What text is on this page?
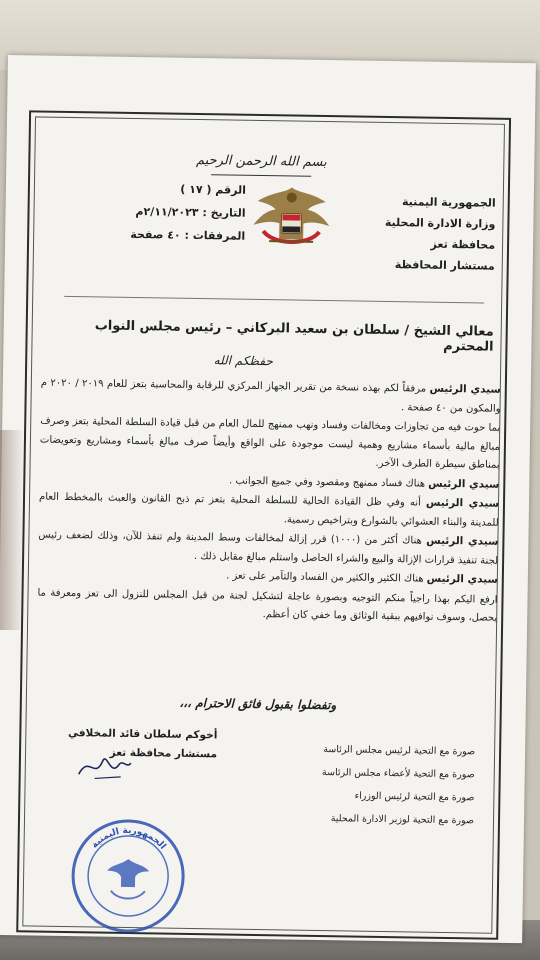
بسم الله الرحمن الرحيم
الجمهورية اليمنية
وزارة الادارة المحلية
محافظة تعز
مستشار المحافظة
الرقم ( ١٧ )
التاريخ : ٢/١١/٢٠٢٣م
المرفقات : ٤٠ صفحة
معالي الشيخ / سلطان بن سعيد البركاني – رئيس مجلس النواب المحترم
حفظكم الله

سيدي الرئيس مرفقاً لكم بهذه نسخة من تقرير الجهاز المركزي للرقابة والمحاسبة بتعز للعام ٢٠١٩ / ٢٠٢٠ م والمكون من ٤٠ صفحة .

بما حوت فيه من تجاوزات ومخالفات وفساد ونهب ممنهج للمال العام من قبل قيادة السلطة المحلية بتعز وصرف مبالغ مالية بأسماء مشاريع وهمية ليست موجودة على الواقع وأيضاً صرف مبالغ بأسماء ومشاريع وتعويضات بمناطق سيطرة الطرف الآخر.

سيدي الرئيس هناك فساد ممنهج ومقصود وفي جميع الجوانب .

سيدي الرئيس أنه وفي ظل القيادة الحالية للسلطة المحلية بتعز تم ذبح القانون والعبث بالمخطط العام للمدينة والبناء العشوائي بالشوارع وبتراخيص رسمية.

سيدي الرئيس هناك أكثر من (١٠٠٠) قرر إزالة لمخالفات وسط المدينة ولم تنفذ للآن، وذلك لضعف رئيس لجنة تنفيذ قرارات الإزالة والبيع والشراء الحاصل واستلم مبالغ مقابل ذلك .

سيدي الرئيس هناك الكثير والكثير من الفساد والتآمر على تعز .

ارفع اليكم بهذا راجياً منكم التوجيه وبصورة عاجلة لتشكيل لجنة من قبل المجلس للنزول الى تعز ومعرفة ما يحصل، وسوف نوافيهم ببقية الوثائق وما خفي كان أعظم.

وتفضلوا بقبول فائق الاحترام ،،،
أخوكم سلطان قائد المخلافي
مستشار محافظة تعز	صورة مع التحية لرئيس مجلس الرئاسة
صورة مع التحية لأعضاء مجلس الرئاسة
صورة مع التحية لرئيس الوزراء
صورة مع التحية لوزير الادارة المحلية
الجمهورية اليمنية
